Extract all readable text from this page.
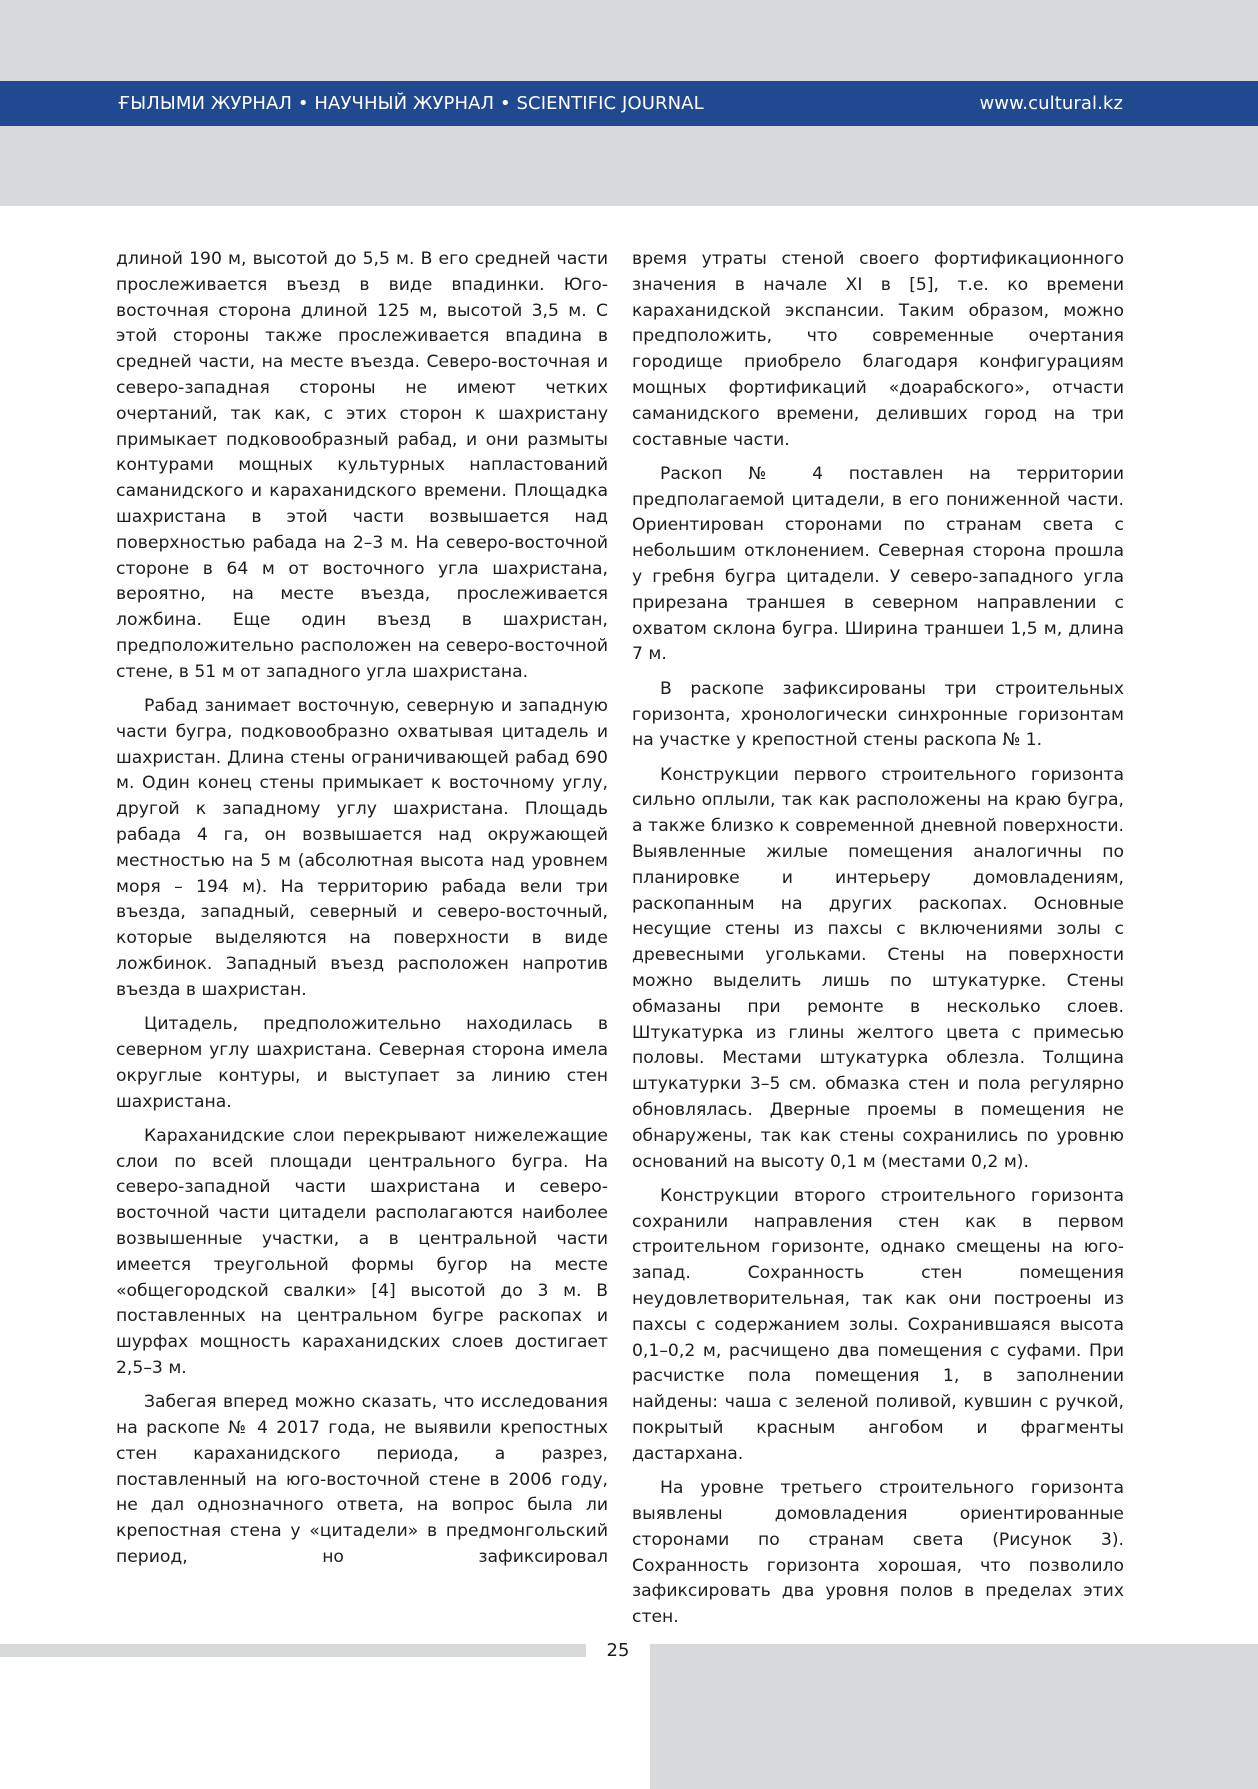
ҒЫЛЫМИ ЖУРНАЛ • НАУЧНЫЙ ЖУРНАЛ • SCIENTIFIC JOURNAL	www.cultural.kz

длиной 190 м, высотой до 5,5 м. В его средней части прослеживается въезд в виде впадинки. Юго-восточная сторона длиной 125 м, высотой 3,5 м. С этой стороны также прослеживается впадина в средней части, на месте въезда. Северо-восточная и северо-западная стороны не имеют четких очертаний, так как, с этих сторон к шахристану примыкает подковообразный рабад, и они размыты контурами мощных культурных напластований саманидского и караханидского времени. Площадка шахристана в этой части возвышается над поверхностью рабада на 2–3 м. На северо-восточной стороне в 64 м от восточного угла шахристана, вероятно, на месте въезда, прослеживается ложбина. Еще один въезд в шахристан, предположительно расположен на северо-восточной стене, в 51 м от западного угла шахристана.

Рабад занимает восточную, северную и западную части бугра, подковообразно охватывая цитадель и шахристан. Длина стены ограничивающей рабад 690 м. Один конец стены примыкает к восточному углу, другой к западному углу шахристана. Площадь рабада 4 га, он возвышается над окружающей местностью на 5 м (абсолютная высота над уровнем моря – 194 м). На территорию рабада вели три въезда, западный, северный и северо-восточный, которые выделяются на поверхности в виде ложбинок. Западный въезд расположен напротив въезда в шахристан.

Цитадель, предположительно находилась в северном углу шахристана. Северная сторона имела округлые контуры, и выступает за линию стен шахристана.

Караханидские слои перекрывают нижележащие слои по всей площади центрального бугра. На северо-западной части шахристана и северо-восточной части цитадели располагаются наиболее возвышенные участки, а в центральной части имеется треугольной формы бугор на месте «общегородской свалки» [4] высотой до 3 м. В поставленных на центральном бугре раскопах и шурфах мощность караханидских слоев достигает 2,5–3 м.

Забегая вперед можно сказать, что исследования на раскопе № 4 2017 года, не выявили крепостных стен караханидского периода, а разрез, поставленный на юго-восточной стене в 2006 году, не дал однозначного ответа, на вопрос была ли крепостная стена у «цитадели» в предмонгольский период, но зафиксировал

время утраты стеной своего фортификационного значения в начале XI в [5], т.е. ко времени караханидской экспансии. Таким образом, можно предположить, что современные очертания городище приобрело благодаря конфигурациям мощных фортификаций «доарабского», отчасти саманидского времени, деливших город на три составные части.

Раскоп № 4 поставлен на территории предполагаемой цитадели, в его пониженной части. Ориентирован сторонами по странам света с небольшим отклонением. Северная сторона прошла у гребня бугра цитадели. У северо-западного угла прирезана траншея в северном направлении с охватом склона бугра. Ширина траншеи 1,5 м, длина 7 м.

В раскопе зафиксированы три строительных горизонта, хронологически синхронные горизонтам на участке у крепостной стены раскопа № 1.

Конструкции первого строительного горизонта сильно оплыли, так как расположены на краю бугра, а также близко к современной дневной поверхности. Выявленные жилые помещения аналогичны по планировке и интерьеру домовладениям, раскопанным на других раскопах. Основные несущие стены из пахсы с включениями золы с древесными угольками. Стены на поверхности можно выделить лишь по штукатурке. Стены обмазаны при ремонте в несколько слоев. Штукатурка из глины желтого цвета с примесью половы. Местами штукатурка облезла. Толщина штукатурки 3–5 см. обмазка стен и пола регулярно обновлялась. Дверные проемы в помещения не обнаружены, так как стены сохранились по уровню оснований на высоту 0,1 м (местами 0,2 м).

Конструкции второго строительного горизонта сохранили направления стен как в первом строительном горизонте, однако смещены на юго-запад. Сохранность стен помещения неудовлетворительная, так как они построены из пахсы с содержанием золы. Сохранившаяся высота 0,1–0,2 м, расчищено два помещения с суфами. При расчистке пола помещения 1, в заполнении найдены: чаша с зеленой поливой, кувшин с ручкой, покрытый красным ангобом и фрагменты дастархана.

На уровне третьего строительного горизонта выявлены домовладения ориентированные сторонами по странам света (Рисунок 3). Сохранность горизонта хорошая, что позволило зафиксировать два уровня полов в пределах этих стен.

25
